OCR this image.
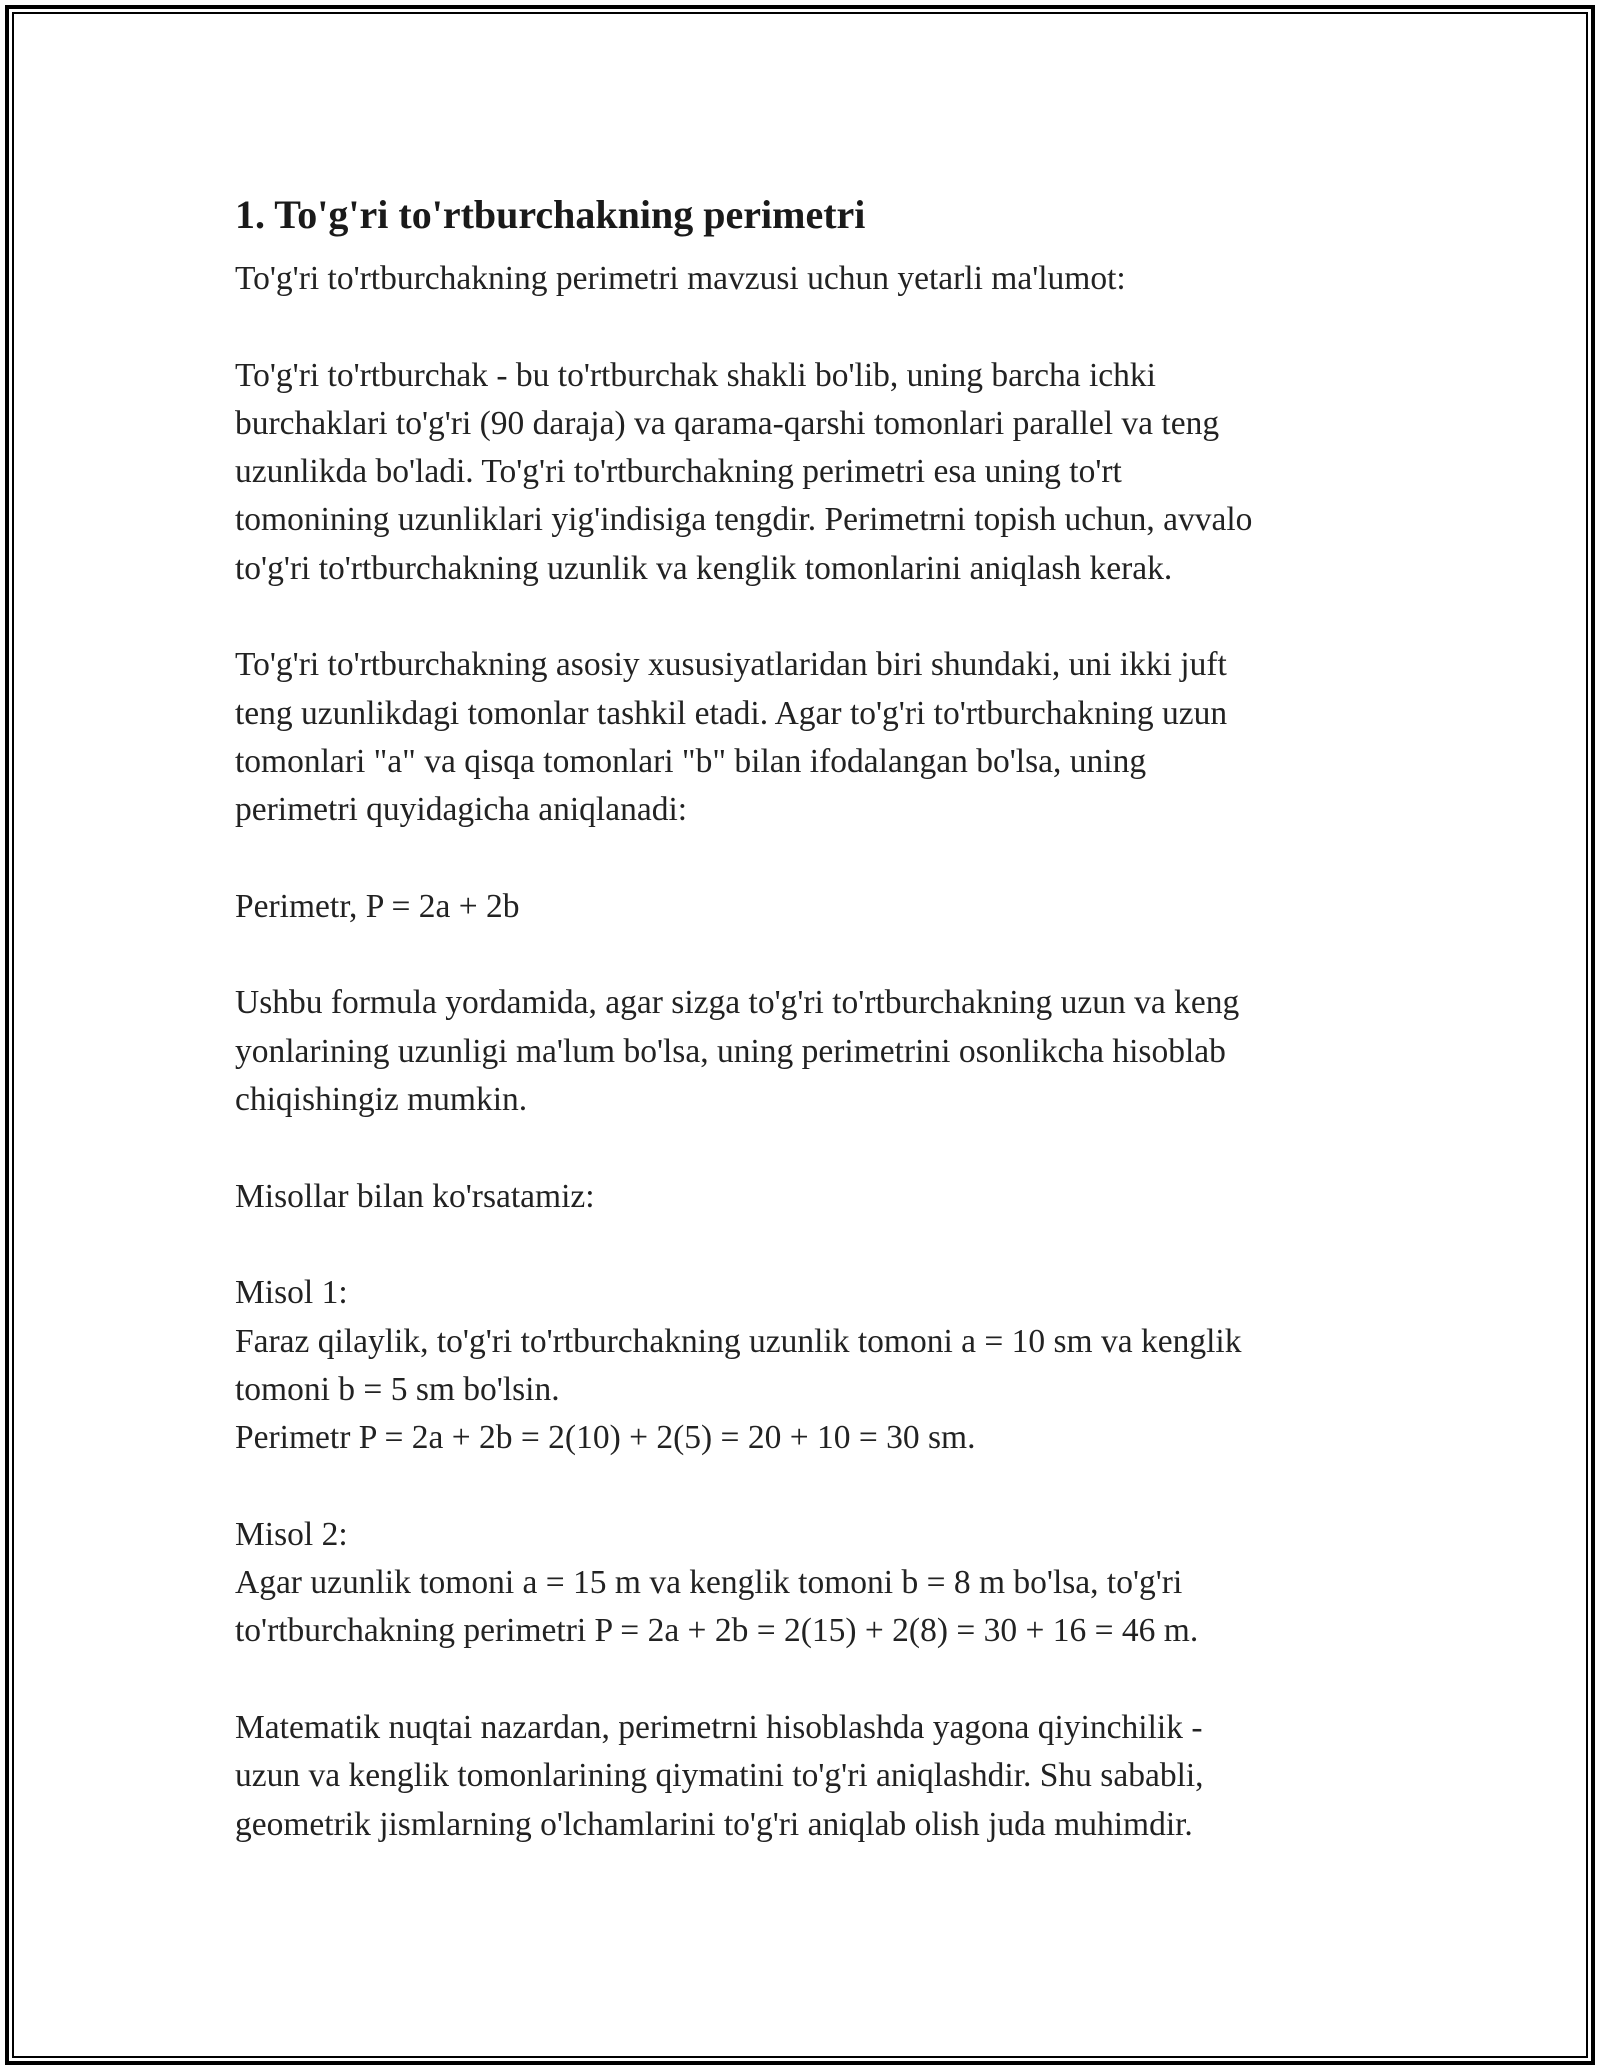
1. To'g'ri to'rtburchakning perimetri

To'g'ri to'rtburchakning perimetri mavzusi uchun yetarli ma'lumot:

To'g'ri to'rtburchak - bu to'rtburchak shakli bo'lib, uning barcha ichki
burchaklari to'g'ri (90 daraja) va qarama-qarshi tomonlari parallel va teng
uzunlikda bo'ladi. To'g'ri to'rtburchakning perimetri esa uning to'rt
tomonining uzunliklari yig'indisiga tengdir. Perimetrni topish uchun, avvalo
to'g'ri to'rtburchakning uzunlik va kenglik tomonlarini aniqlash kerak.

To'g'ri to'rtburchakning asosiy xususiyatlaridan biri shundaki, uni ikki juft
teng uzunlikdagi tomonlar tashkil etadi. Agar to'g'ri to'rtburchakning uzun
tomonlari "a" va qisqa tomonlari "b" bilan ifodalangan bo'lsa, uning
perimetri quyidagicha aniqlanadi:

Perimetr, P = 2a + 2b

Ushbu formula yordamida, agar sizga to'g'ri to'rtburchakning uzun va keng
yonlarining uzunligi ma'lum bo'lsa, uning perimetrini osonlikcha hisoblab
chiqishingiz mumkin.

Misollar bilan ko'rsatamiz:

Misol 1:
Faraz qilaylik, to'g'ri to'rtburchakning uzunlik tomoni a = 10 sm va kenglik
tomoni b = 5 sm bo'lsin.
Perimetr P = 2a + 2b = 2(10) + 2(5) = 20 + 10 = 30 sm.

Misol 2:
Agar uzunlik tomoni a = 15 m va kenglik tomoni b = 8 m bo'lsa, to'g'ri
to'rtburchakning perimetri P = 2a + 2b = 2(15) + 2(8) = 30 + 16 = 46 m.

Matematik nuqtai nazardan, perimetrni hisoblashda yagona qiyinchilik -
uzun va kenglik tomonlarining qiymatini to'g'ri aniqlashdir. Shu sababli,
geometrik jismlarning o'lchamlarini to'g'ri aniqlab olish juda muhimdir.
